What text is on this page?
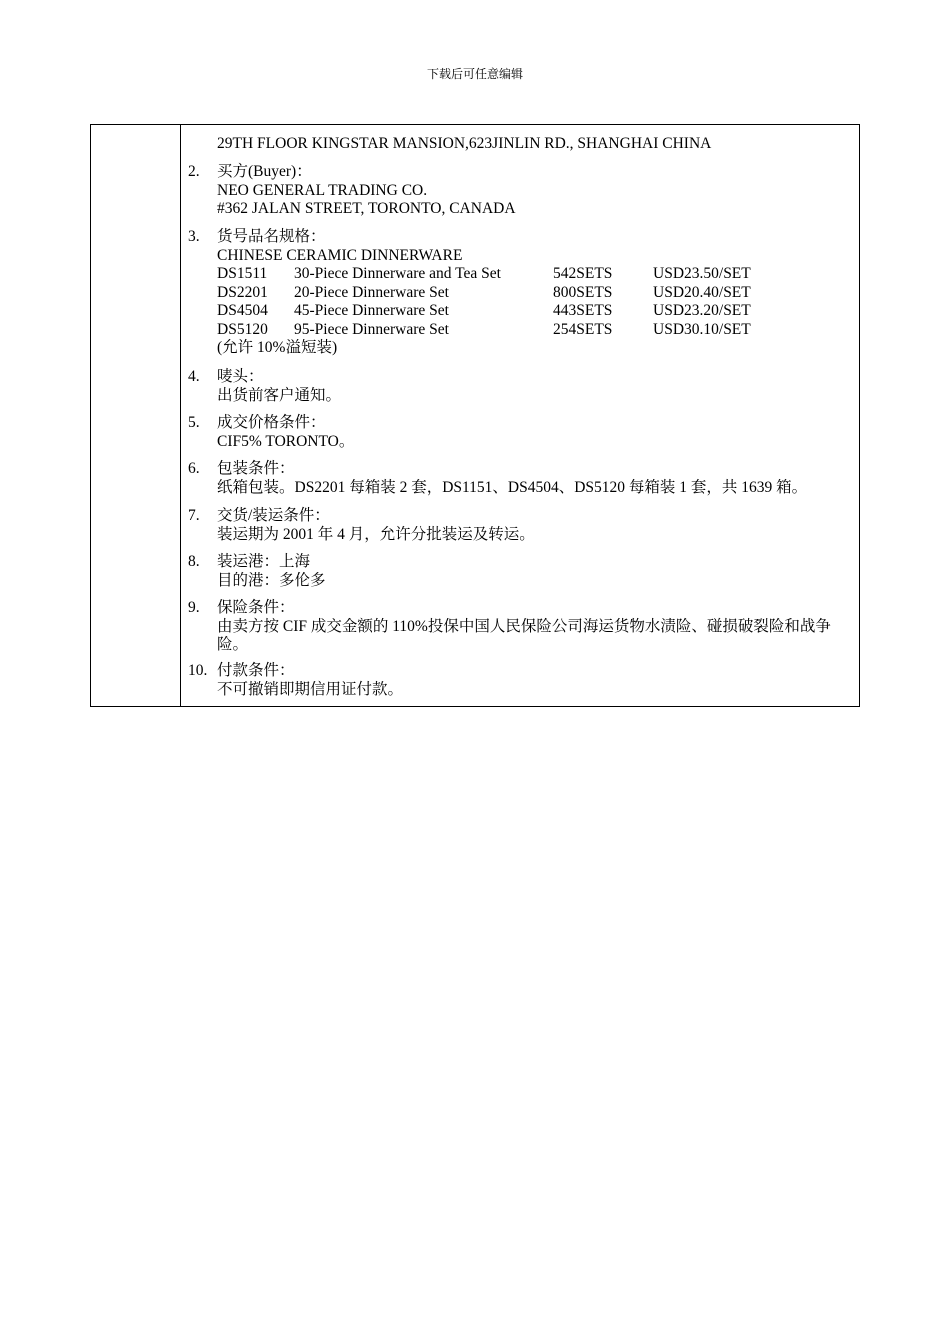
下载后可任意编辑
29TH FLOOR KINGSTAR MANSION,623JINLIN RD., SHANGHAI CHINA
2.	买方(Buyer)：
NEO GENERAL TRADING CO.
#362 JALAN STREET, TORONTO, CANADA
3.	货号品名规格：
CHINESE CERAMIC DINNERWARE
DS1511	30-Piece Dinnerware and Tea Set	542SETS	USD23.50/SET
DS2201	20-Piece Dinnerware Set	800SETS	USD20.40/SET
DS4504	45-Piece Dinnerware Set	443SETS	USD23.20/SET
DS5120	95-Piece Dinnerware Set	254SETS	USD30.10/SET
(允许 10%溢短装)
4.	唛头：
出货前客户通知。
5.	成交价格条件：
CIF5% TORONTO。
6.	包装条件：
纸箱包装。DS2201 每箱装 2 套，DS1151、DS4504、DS5120 每箱装 1 套，共 1639 箱。
7.	交货/装运条件：
装运期为 2001 年 4 月，允许分批装运及转运。
8.	装运港：上海
目的港：多伦多
9.	保险条件：
由卖方按 CIF 成交金额的 110%投保中国人民保险公司海运货物水渍险、碰损破裂险和战争险。
10. 付款条件：
不可撤销即期信用证付款。
